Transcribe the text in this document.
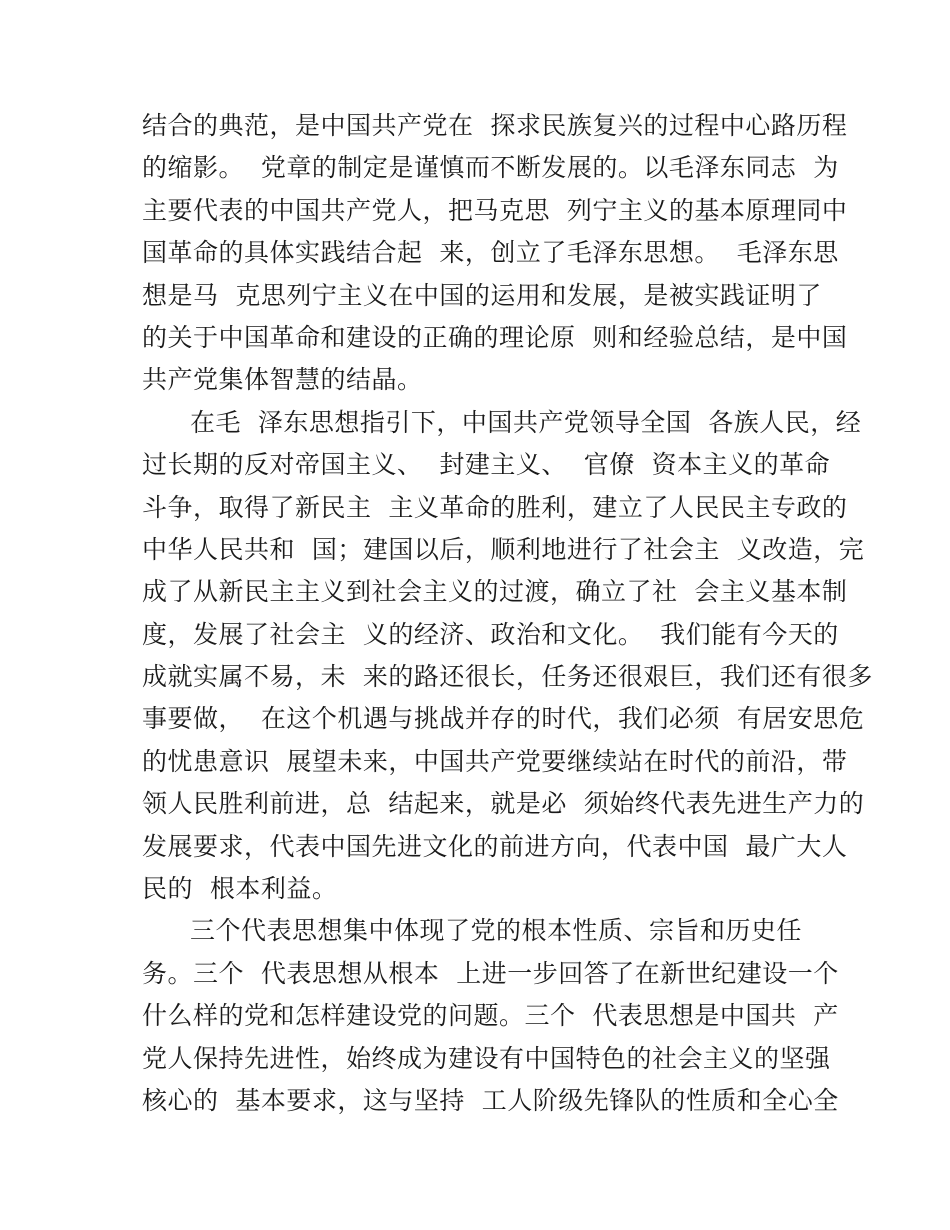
结合的典范，是中国共产党在  探求民族复兴的过程中心路历程
的缩影。  党章的制定是谨慎而不断发展的。以毛泽东同志  为
主要代表的中国共产党人，把马克思  列宁主义的基本原理同中
国革命的具体实践结合起  来，创立了毛泽东思想。  毛泽东思
想是马  克思列宁主义在中国的运用和发展，是被实践证明了
的关于中国革命和建设的正确的理论原  则和经验总结，是中国
共产党集体智慧的结晶。
在毛  泽东思想指引下，中国共产党领导全国  各族人民，经
过长期的反对帝国主义、  封建主义、  官僚  资本主义的革命
斗争，取得了新民主  主义革命的胜利，建立了人民民主专政的
中华人民共和  国；建国以后，顺利地进行了社会主  义改造，完
成了从新民主主义到社会主义的过渡，确立了社  会主义基本制
度，发展了社会主  义的经济、政治和文化。  我们能有今天的
成就实属不易，未  来的路还很长，任务还很艰巨，我们还有很多
事要做，  在这个机遇与挑战并存的时代，我们必须  有居安思危
的忧患意识  展望未来，中国共产党要继续站在时代的前沿，带
领人民胜利前进，总  结起来，就是必  须始终代表先进生产力的
发展要求，代表中国先进文化的前进方向，代表中国  最广大人
民的  根本利益。
三个代表思想集中体现了党的根本性质、宗旨和历史任
务。三个  代表思想从根本  上进一步回答了在新世纪建设一个
什么样的党和怎样建设党的问题。三个  代表思想是中国共  产
党人保持先进性，始终成为建设有中国特色的社会主义的坚强
核心的  基本要求，这与坚持  工人阶级先锋队的性质和全心全
